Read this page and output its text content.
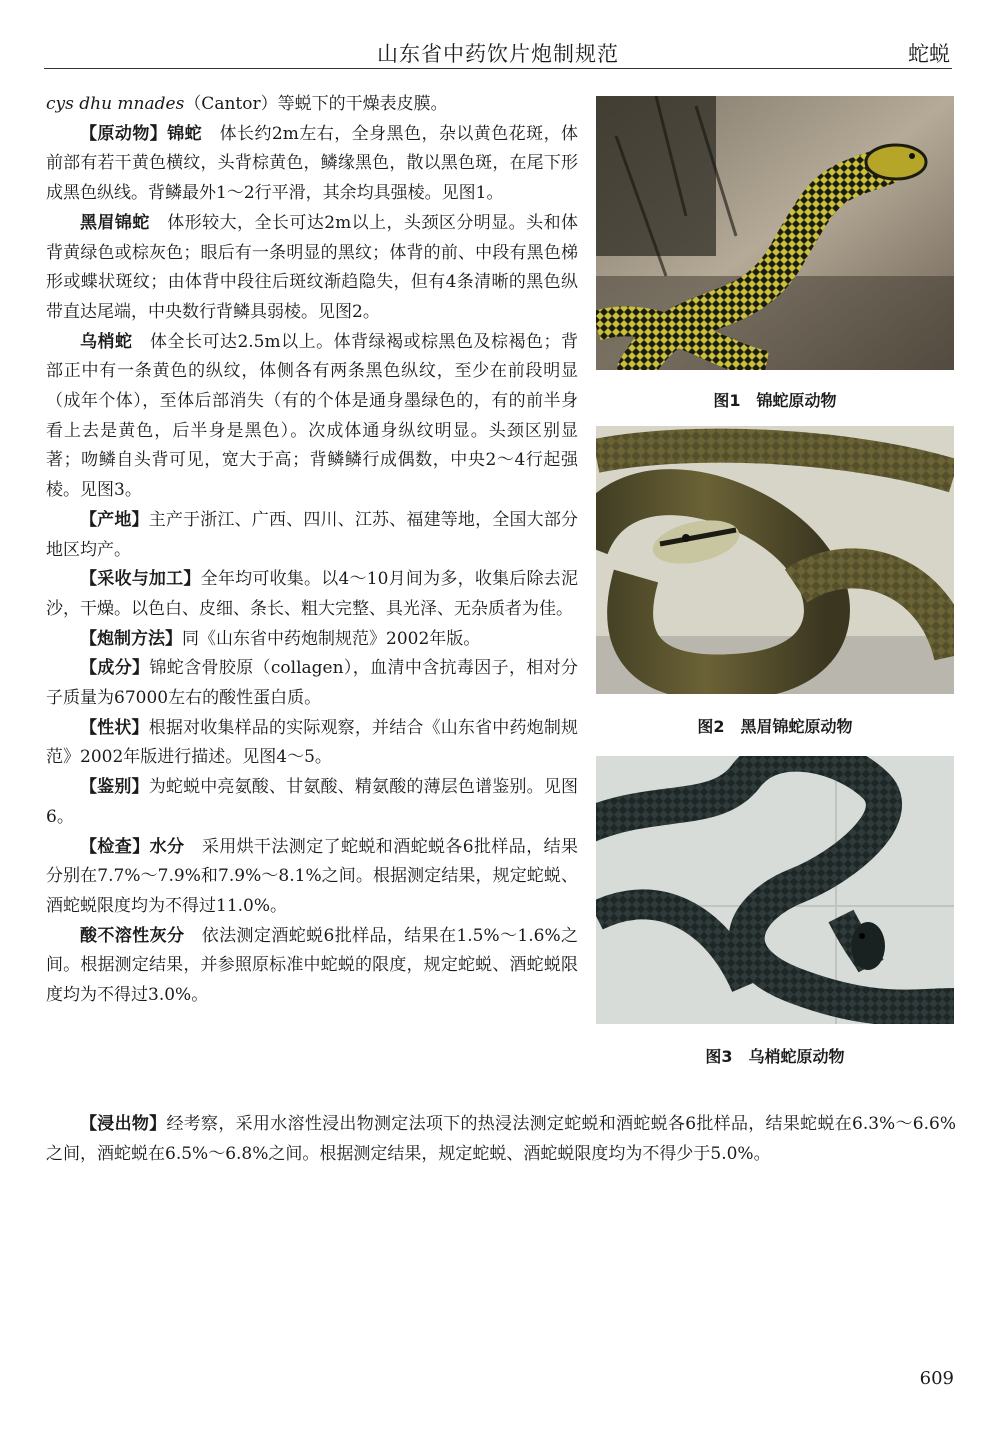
山东省中药饮片炮制规范	蛇蜕

cys dhu mnades（Cantor）等蜕下的干燥表皮膜。

【原动物】锦蛇　 体长约2m左右，全身黑色，杂以黄色花斑，体前部有若干黄色横纹，头背棕黄色，鳞缘黑色，散以黑色斑，在尾下形成黑色纵线。背鳞最外1～2行平滑，其余均具强棱。见图1。

黑眉锦蛇　 体形较大，全长可达2m以上，头颈区分明显。头和体背黄绿色或棕灰色；眼后有一条明显的黑纹；体背的前、中段有黑色梯形或蝶状斑纹；由体背中段往后斑纹渐趋隐失，但有4条清晰的黑色纵带直达尾端，中央数行背鳞具弱棱。见图2。

乌梢蛇　 体全长可达2.5m以上。体背绿褐或棕黑色及棕褐色；背部正中有一条黄色的纵纹，体侧各有两条黑色纵纹，至少在前段明显（成年个体），至体后部消失（有的个体是通身墨绿色的，有的前半身看上去是黄色，后半身是黑色）。次成体通身纵纹明显。头颈区别显著；吻鳞自头背可见，宽大于高；背鳞鳞行成偶数，中央2～4行起强棱。见图3。

【产地】主产于浙江、广西、四川、江苏、福建等地，全国大部分地区均产。

【采收与加工】全年均可收集。以4～10月间为多，收集后除去泥沙，干燥。以色白、皮细、条长、粗大完整、具光泽、无杂质者为佳。

【炮制方法】同《山东省中药炮制规范》2002年版。

【成分】锦蛇含骨胶原（collagen），血清中含抗毒因子，相对分子质量为67000左右的酸性蛋白质。

【性状】根据对收集样品的实际观察，并结合《山东省中药炮制规范》2002年版进行描述。见图4～5。

【鉴别】为蛇蜕中亮氨酸、甘氨酸、精氨酸的薄层色谱鉴别。见图6。

【检查】水分　 采用烘干法测定了蛇蜕和酒蛇蜕各6批样品，结果分别在7.7%～7.9%和7.9%～8.1%之间。根据测定结果，规定蛇蜕、酒蛇蜕限度均为不得过11.0%。

酸不溶性灰分　 依法测定酒蛇蜕6批样品，结果在1.5%～1.6%之间。根据测定结果，并参照原标准中蛇蜕的限度，规定蛇蜕、酒蛇蜕限度均为不得过3.0%。

【浸出物】经考察，采用水溶性浸出物测定法项下的热浸法测定蛇蜕和酒蛇蜕各6批样品，结果蛇蜕在6.3%～6.6%之间，酒蛇蜕在6.5%～6.8%之间。根据测定结果，规定蛇蜕、酒蛇蜕限度均为不得少于5.0%。

图1　锦蛇原动物
图2　黑眉锦蛇原动物
图3　乌梢蛇原动物
609
